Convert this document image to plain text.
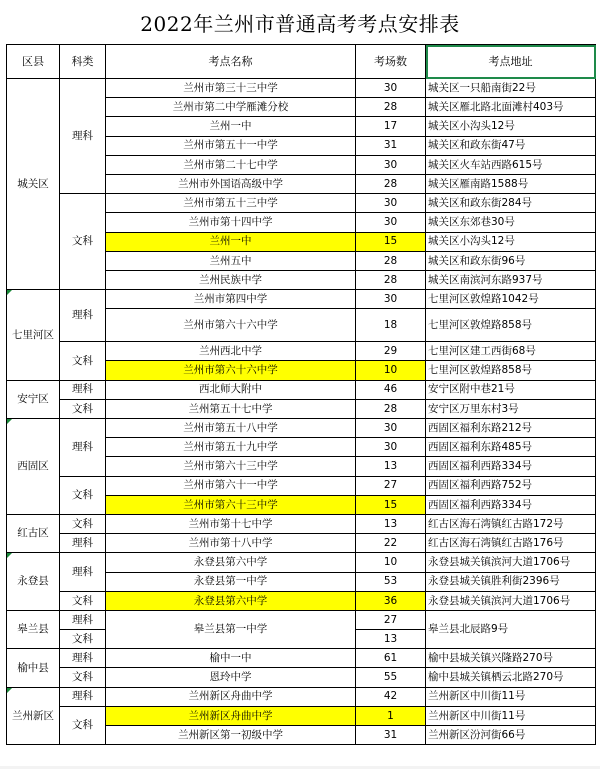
2022年兰州市普通高考考点安排表
区县	科类	考点名称	考场数	考点地址
城关区	理科	兰州市第三十三中学	30	城关区一只船南街22号
		兰州市第二中学雁滩分校	28	城关区雁北路北面滩村403号
		兰州一中	17	城关区小沟头12号
		兰州市第五十一中学	31	城关区和政东街47号
		兰州市第二十七中学	30	城关区火车站西路615号
		兰州市外国语高级中学	28	城关区雁南路1588号
	文科	兰州市第五十三中学	30	城关区和政东街284号
		兰州市第十四中学	30	城关区东郊巷30号
		兰州一中	15	城关区小沟头12号
		兰州五中	28	城关区和政东街96号
		兰州民族中学	28	城关区南滨河东路937号
七里河区	理科	兰州市第四中学	30	七里河区敦煌路1042号
		兰州市第六十六中学	18	七里河区敦煌路858号
	文科	兰州西北中学	29	七里河区建工西街68号
		兰州市第六十六中学	10	七里河区敦煌路858号
安宁区	理科	西北师大附中	46	安宁区附中巷21号
	文科	兰州第五十七中学	28	安宁区万里东村3号
西固区	理科	兰州市第五十八中学	30	西固区福利东路212号
		兰州市第五十九中学	30	西固区福利东路485号
		兰州市第六十三中学	13	西固区福利西路334号
	文科	兰州市第六十一中学	27	西固区福利西路752号
		兰州市第六十三中学	15	西固区福利西路334号
红古区	文科	兰州市第十七中学	13	红古区海石湾镇红古路172号
	理科	兰州市第十八中学	22	红古区海石湾镇红古路176号
永登县	理科	永登县第六中学	10	永登县城关镇滨河大道1706号
		永登县第一中学	53	永登县城关镇胜利街2396号
	文科	永登县第六中学	36	永登县城关镇滨河大道1706号
皋兰县	理科	皋兰县第一中学	27	皋兰县北辰路9号
	文科		13	
榆中县	理科	榆中一中	61	榆中县城关镇兴隆路270号
	文科	恩玲中学	55	榆中县城关镇栖云北路270号
兰州新区	理科	兰州新区舟曲中学	42	兰州新区中川街11号
	文科	兰州新区舟曲中学	1	兰州新区中川街11号
		兰州新区第一初级中学	31	兰州新区汾河街66号
